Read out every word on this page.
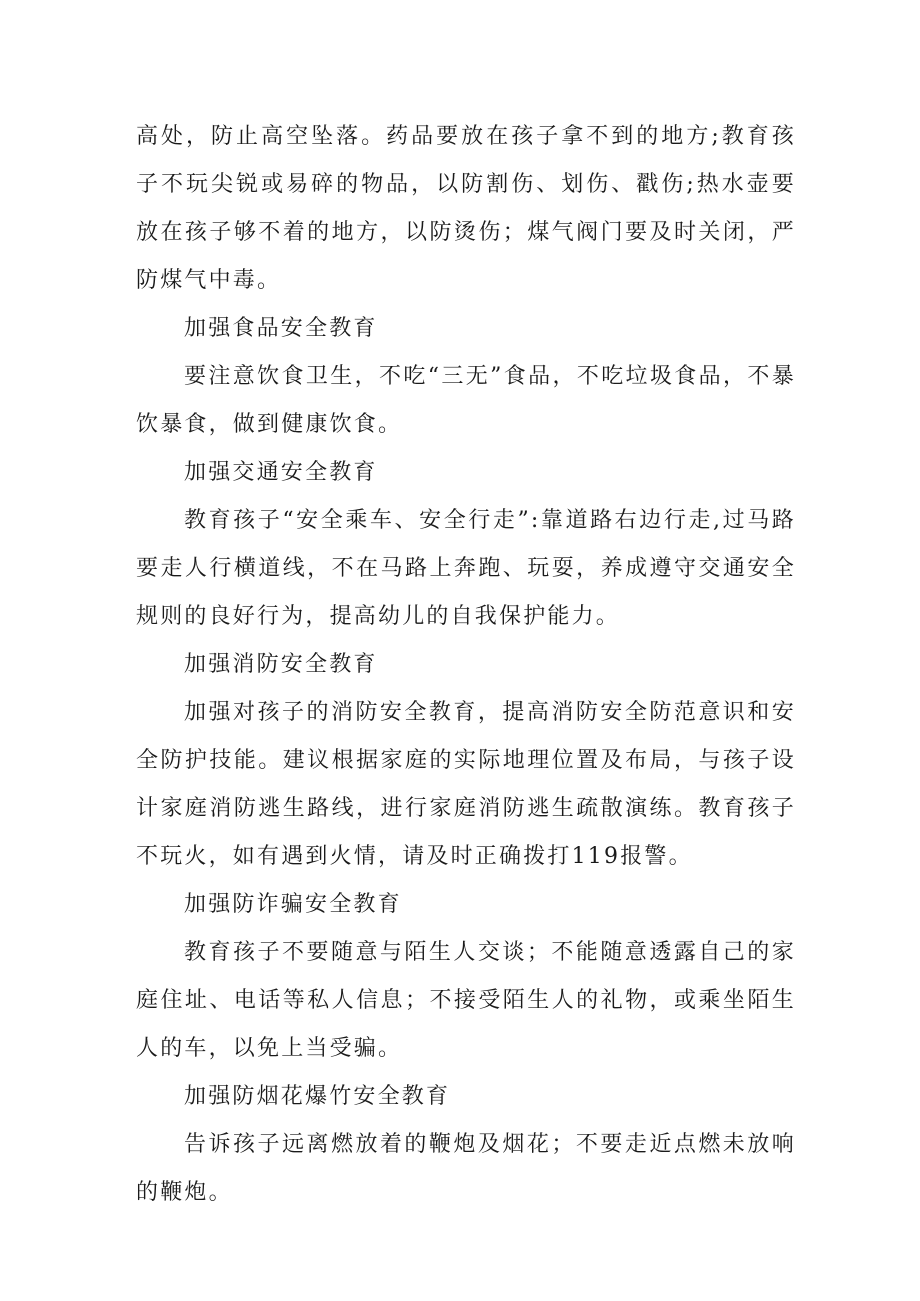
高处，防止高空坠落。药品要放在孩子拿不到的地方;教育孩子不玩尖锐或易碎的物品，以防割伤、划伤、戳伤;热水壶要放在孩子够不着的地方，以防烫伤；煤气阀门要及时关闭，严防煤气中毒。

加强食品安全教育

要注意饮食卫生，不吃“三无”食品，不吃垃圾食品，不暴饮暴食，做到健康饮食。

加强交通安全教育

教育孩子“安全乘车、安全行走”:靠道路右边行走,过马路要走人行横道线，不在马路上奔跑、玩耍，养成遵守交通安全规则的良好行为，提高幼儿的自我保护能力。

加强消防安全教育

加强对孩子的消防安全教育，提高消防安全防范意识和安全防护技能。建议根据家庭的实际地理位置及布局，与孩子设计家庭消防逃生路线，进行家庭消防逃生疏散演练。教育孩子不玩火，如有遇到火情，请及时正确拨打119报警。

加强防诈骗安全教育

教育孩子不要随意与陌生人交谈；不能随意透露自己的家庭住址、电话等私人信息；不接受陌生人的礼物，或乘坐陌生人的车，以免上当受骗。

加强防烟花爆竹安全教育

告诉孩子远离燃放着的鞭炮及烟花；不要走近点燃未放响的鞭炮。
